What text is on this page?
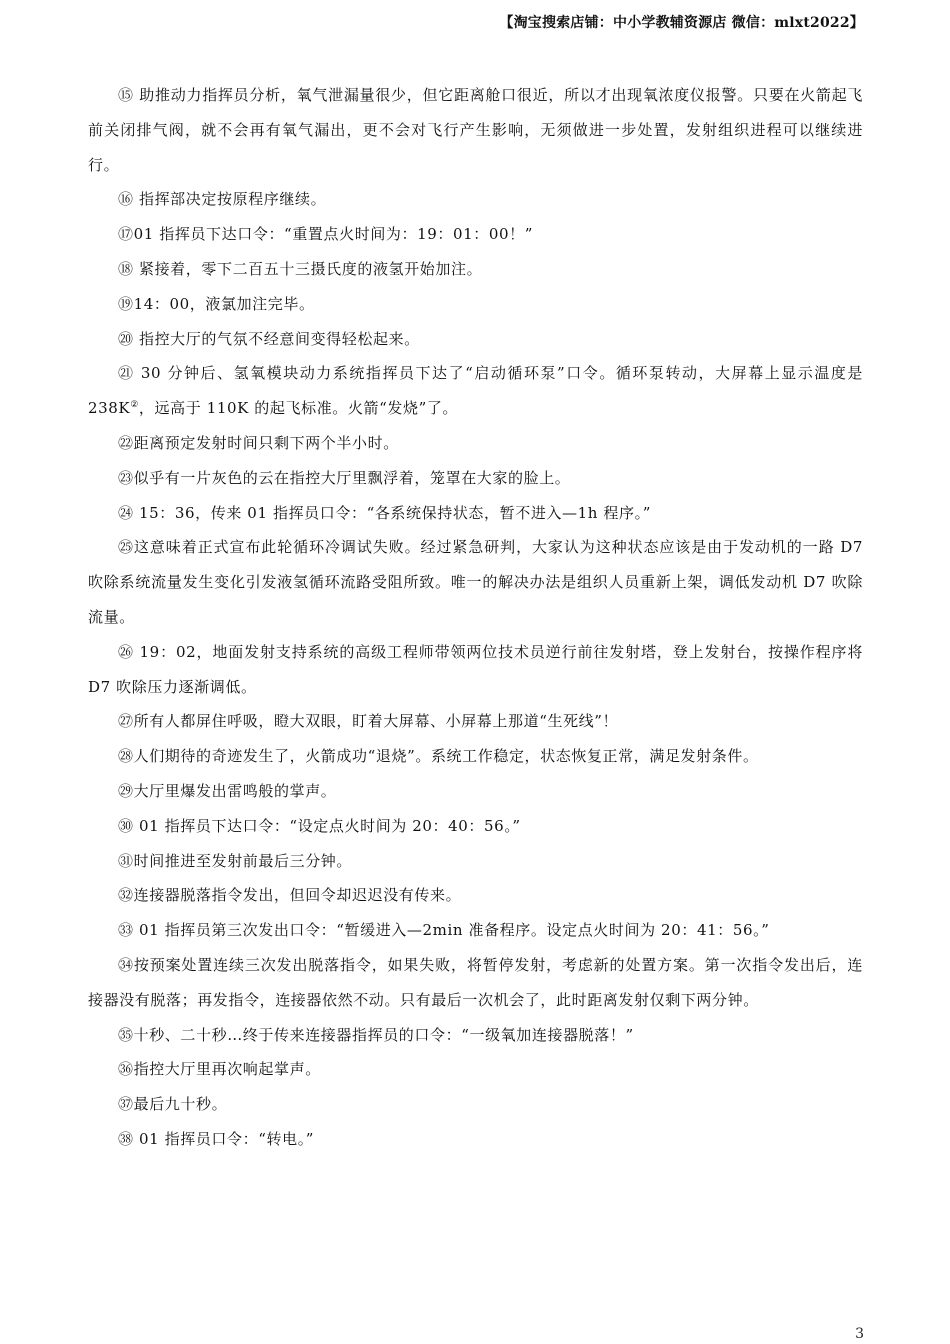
【淘宝搜索店铺：中小学教辅资源店 微信：mlxt2022】

⑮ 助推动力指挥员分析，氧气泄漏量很少，但它距离舱口很近，所以才出现氧浓度仪报警。只要在火箭起飞前关闭排气阀，就不会再有氧气漏出，更不会对飞行产生影响，无须做进一步处置，发射组织进程可以继续进行。

⑯ 指挥部决定按原程序继续。

⑰01 指挥员下达口令：“重置点火时间为：19：01：00！”

⑱ 紧接着，零下二百五十三摄氏度的液氢开始加注。

⑲14：00，液氯加注完毕。

⑳ 指控大厅的气氛不经意间变得轻松起来。

㉑ 30 分钟后、氢氧模块动力系统指挥员下达了“启动循环泵”口令。循环泵转动，大屏幕上显示温度是 238K②，远高于 110K 的起飞标准。火箭“发烧”了。

㉒距离预定发射时间只剩下两个半小时。

㉓似乎有一片灰色的云在指控大厅里飘浮着，笼罩在大家的脸上。

㉔ 15：36，传来 01 指挥员口令：“各系统保持状态，暂不进入—1h 程序。”

㉕这意味着正式宣布此轮循环冷调试失败。经过紧急研判，大家认为这种状态应该是由于发动机的一路 D7 吹除系统流量发生变化引发液氢循环流路受阻所致。唯一的解决办法是组织人员重新上架，调低发动机 D7 吹除流量。

㉖ 19：02，地面发射支持系统的高级工程师带领两位技术员逆行前往发射塔，登上发射台，按操作程序将 D7 吹除压力逐渐调低。

㉗所有人都屏住呼吸，瞪大双眼，盯着大屏幕、小屏幕上那道“生死线”！

㉘人们期待的奇迹发生了，火箭成功“退烧”。系统工作稳定，状态恢复正常，满足发射条件。

㉙大厅里爆发出雷鸣般的掌声。

㉚ 01 指挥员下达口令：“设定点火时间为 20：40：56。”

㉛时间推进至发射前最后三分钟。

㉜连接器脱落指令发出，但回令却迟迟没有传来。

㉝ 01 指挥员第三次发出口令：“暂缓进入—2min 准备程序。设定点火时间为 20：41：56。”

㉞按预案处置连续三次发出脱落指令，如果失败，将暂停发射，考虑新的处置方案。第一次指令发出后，连接器没有脱落；再发指令，连接器依然不动。只有最后一次机会了，此时距离发射仅剩下两分钟。

㉟十秒、二十秒…终于传来连接器指挥员的口令：“一级氧加连接器脱落！”

㊱指控大厅里再次响起掌声。

㊲最后九十秒。

㊳ 01 指挥员口令：“转电。”

3
